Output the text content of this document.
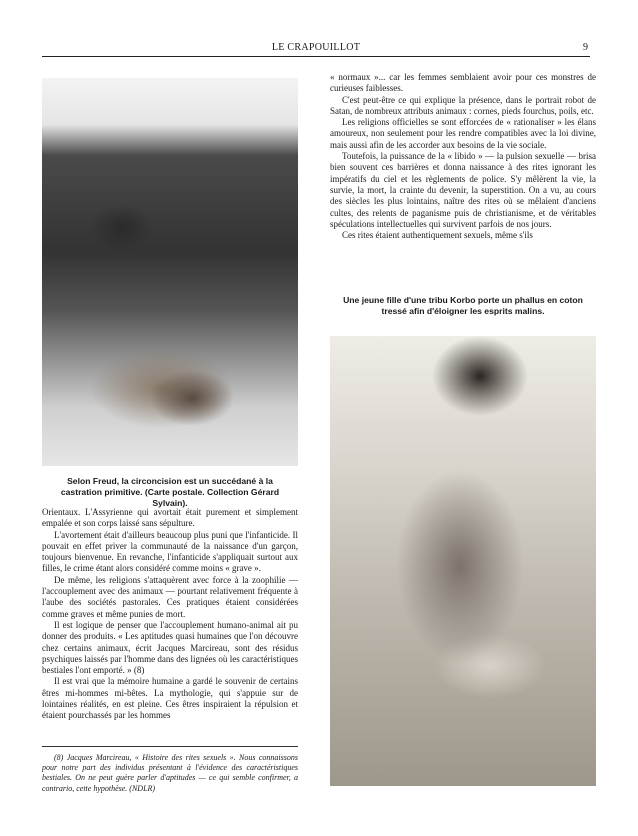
LE CRAPOUILLOT	9
Selon Freud, la circoncision est un succédané à la castration primitive. (Carte postale. Collection Gérard Sylvain).

Orientaux. L'Assyrienne qui avortait était purement et simplement empalée et son corps laissé sans sépulture.

L'avortement était d'ailleurs beaucoup plus puni que l'infanticide. Il pouvait en effet priver la communauté de la naissance d'un garçon, toujours bienvenue. En revanche, l'infanticide s'appliquait surtout aux filles, le crime étant alors considéré comme moins « grave ».

De même, les religions s'attaquèrent avec force à la zoophilie — l'accouplement avec des animaux — pourtant relativement fréquente à l'aube des sociétés pastorales. Ces pratiques étaient considérées comme graves et même punies de mort.

Il est logique de penser que l'accouplement humano-animal ait pu donner des produits. « Les aptitudes quasi humaines que l'on découvre chez certains animaux, écrit Jacques Marcireau, sont des résidus psychiques laissés par l'homme dans des lignées où les caractéristiques bestiales l'ont emporté. » (8)

Il est vrai que la mémoire humaine a gardé le souvenir de certains êtres mi-hommes mi-bêtes. La mythologie, qui s'appuie sur de lointaines réalités, en est pleine. Ces êtres inspiraient la répulsion et étaient pourchassés par les hommes

(8) Jacques Marcireau, « Histoire des rites sexuels ». Nous connaissons pour notre part des individus présentant à l'évidence des caractéristiques bestiales. On ne peut guère parler d'aptitudes — ce qui semble confirmer, a contrario, cette hypothèse. (NDLR)

« normaux »... car les femmes semblaient avoir pour ces monstres de curieuses faiblesses.

C'est peut-être ce qui explique la présence, dans le portrait robot de Satan, de nombreux attributs animaux : cornes, pieds fourchus, poils, etc.

Les religions officielles se sont efforcées de « rationaliser » les élans amoureux, non seulement pour les rendre compatibles avec la loi divine, mais aussi afin de les accorder aux besoins de la vie sociale.

Toutefois, la puissance de la « libido » — la pulsion sexuelle — brisa bien souvent ces barrières et donna naissance à des rites ignorant les impératifs du ciel et les règlements de police. S'y mêlèrent la vie, la survie, la mort, la crainte du devenir, la superstition. On a vu, au cours des siècles les plus lointains, naître des rites où se mêlaient d'anciens cultes, des relents de paganisme puis de christianisme, et de véritables spéculations intellectuelles qui survivent parfois de nos jours.

Ces rites étaient authentiquement sexuels, même s'ils

Une jeune fille d'une tribu Korbo porte un phallus en coton tressé afin d'éloigner les esprits malins.
